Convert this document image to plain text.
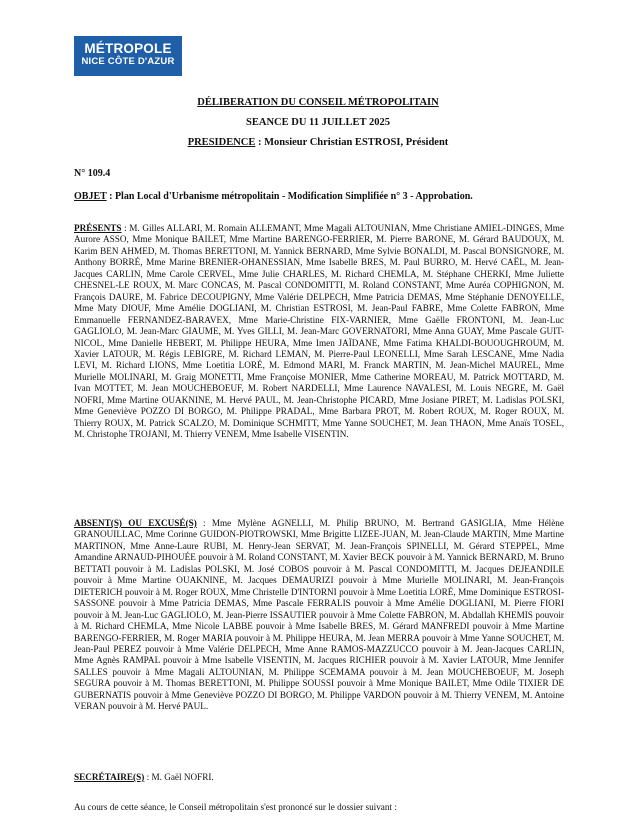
MÉTROPOLE
NICE CÔTE D'AZUR
DÉLIBERATION DU CONSEIL MÉTROPOLITAIN
SEANCE DU 11 JUILLET 2025
PRESIDENCE : Monsieur Christian ESTROSI, Président
N° 109.4
OBJET : Plan Local d'Urbanisme métropolitain - Modification Simplifiée n° 3 - Approbation.
PRÉSENTS : M. Gilles ALLARI, M. Romain ALLEMANT, Mme Magali ALTOUNIAN, Mme Christiane AMIEL-DINGES, Mme Aurore ASSO, Mme Monique BAILET, Mme Martine BARENGO-FERRIER, M. Pierre BARONE, M. Gérard BAUDOUX, M. Karim BEN AHMED, M. Thomas BERETTONI, M. Yannick BERNARD, Mme Sylvie BONALDI, M. Pascal BONSIGNORE, M. Anthony BORRÉ, Mme Marine BRENIER-OHANESSIAN, Mme Isabelle BRES, M. Paul BURRO, M. Hervé CAËL, M. Jean-Jacques CARLIN, Mme Carole CERVEL, Mme Julie CHARLES, M. Richard CHEMLA, M. Stéphane CHERKI, Mme Juliette CHESNEL-LE ROUX, M. Marc CONCAS, M. Pascal CONDOMITTI, M. Roland CONSTANT, Mme Auréa COPHIGNON, M. François DAURE, M. Fabrice DECOUPIGNY, Mme Valérie DELPECH, Mme Patricia DEMAS, Mme Stéphanie DENOYELLE, Mme Maty DIOUF, Mme Amélie DOGLIANI, M. Christian ESTROSI, M. Jean-Paul FABRE, Mme Colette FABRON, Mme Emmanuelle FERNANDEZ-BARAVEX, Mme Marie-Christine FIX-VARNIER, Mme Gaëlle FRONTONI, M. Jean-Luc GAGLIOLO, M. Jean-Marc GIAUME, M. Yves GILLI, M. Jean-Marc GOVERNATORI, Mme Anna GUAY, Mme Pascale GUIT-NICOL, Mme Danielle HEBERT, M. Philippe HEURA, Mme Imen JAÏDANE, Mme Fatima KHALDI-BOUOUGHROUM, M. Xavier LATOUR, M. Régis LEBIGRE, M. Richard LEMAN, M. Pierre-Paul LEONELLI, Mme Sarah LESCANE, Mme Nadia LEVI, M. Richard LIONS, Mme Loetitia LORÉ, M. Edmond MARI, M. Franck MARTIN, M. Jean-Michel MAUREL, Mme Murielle MOLINARI, M. Graig MONETTI, Mme Françoise MONIER, Mme Catherine MOREAU, M. Patrick MOTTARD, M. Ivan MOTTET, M. Jean MOUCHEBOEUF, M. Robert NARDELLI, Mme Laurence NAVALESI, M. Louis NEGRE, M. Gaël NOFRI, Mme Martine OUAKNINE, M. Hervé PAUL, M. Jean-Christophe PICARD, Mme Josiane PIRET, M. Ladislas POLSKI, Mme Geneviève POZZO DI BORGO, M. Philippe PRADAL, Mme Barbara PROT, M. Robert ROUX, M. Roger ROUX, M. Thierry ROUX, M. Patrick SCALZO, M. Dominique SCHMITT, Mme Yanne SOUCHET, M. Jean THAON, Mme Anaïs TOSEL, M. Christophe TROJANI, M. Thierry VENEM, Mme Isabelle VISENTIN.
ABSENT(S) OU EXCUSÉ(S) : Mme Mylène AGNELLI, M. Philip BRUNO, M. Bertrand GASIGLIA, Mme Hélène GRANOUILLAC, Mme Corinne GUIDON-PIOTROWSKI, Mme Brigitte LIZEE-JUAN, M. Jean-Claude MARTIN, Mme Martine MARTINON, Mme Anne-Laure RUBI, M. Henry-Jean SERVAT, M. Jean-François SPINELLI, M. Gérard STEPPEL, Mme Amandine ARNAUD-PIHOUÉE pouvoir à M. Roland CONSTANT, M. Xavier BECK pouvoir à M. Yannick BERNARD, M. Bruno BETTATI pouvoir à M. Ladislas POLSKI, M. José COBOS pouvoir à M. Pascal CONDOMITTI, M. Jacques DEJEANDILE pouvoir à Mme Martine OUAKNINE, M. Jacques DEMAURIZI pouvoir à Mme Murielle MOLINARI, M. Jean-François DIETERICH pouvoir à M. Roger ROUX, Mme Christelle D'INTORNI pouvoir à Mme Loetitia LORÉ, Mme Dominique ESTROSI-SASSONE pouvoir à Mme Patricia DEMAS, Mme Pascale FERRALIS pouvoir à Mme Amélie DOGLIANI, M. Pierre FIORI pouvoir à M. Jean-Luc GAGLIOLO, M. Jean-Pierre ISSAUTIER pouvoir à Mme Colette FABRON, M. Abdallah KHEMIS pouvoir à M. Richard CHEMLA, Mme Nicole LABBE pouvoir à Mme Isabelle BRES, M. Gérard MANFREDI pouvoir à Mme Martine BARENGO-FERRIER, M. Roger MARIA pouvoir à M. Philippe HEURA, M. Jean MERRA pouvoir à Mme Yanne SOUCHET, M. Jean-Paul PEREZ pouvoir à Mme Valérie DELPECH, Mme Anne RAMOS-MAZZUCCO pouvoir à M. Jean-Jacques CARLIN, Mme Agnès RAMPAL pouvoir à Mme Isabelle VISENTIN, M. Jacques RICHIER pouvoir à M. Xavier LATOUR, Mme Jennifer SALLES pouvoir à Mme Magali ALTOUNIAN, M. Philippe SCEMAMA pouvoir à M. Jean MOUCHEBOEUF, M. Joseph SEGURA pouvoir à M. Thomas BERETTONI, M. Philippe SOUSSI pouvoir à Mme Monique BAILET, Mme Odile TIXIER DE GUBERNATIS pouvoir à Mme Geneviève POZZO DI BORGO, M. Philippe VARDON pouvoir à M. Thierry VENEM, M. Antoine VERAN pouvoir à M. Hervé PAUL.
SECRÉTAIRE(S) : M. Gaël NOFRI.
Au cours de cette séance, le Conseil métropolitain s'est prononcé sur le dossier suivant :
